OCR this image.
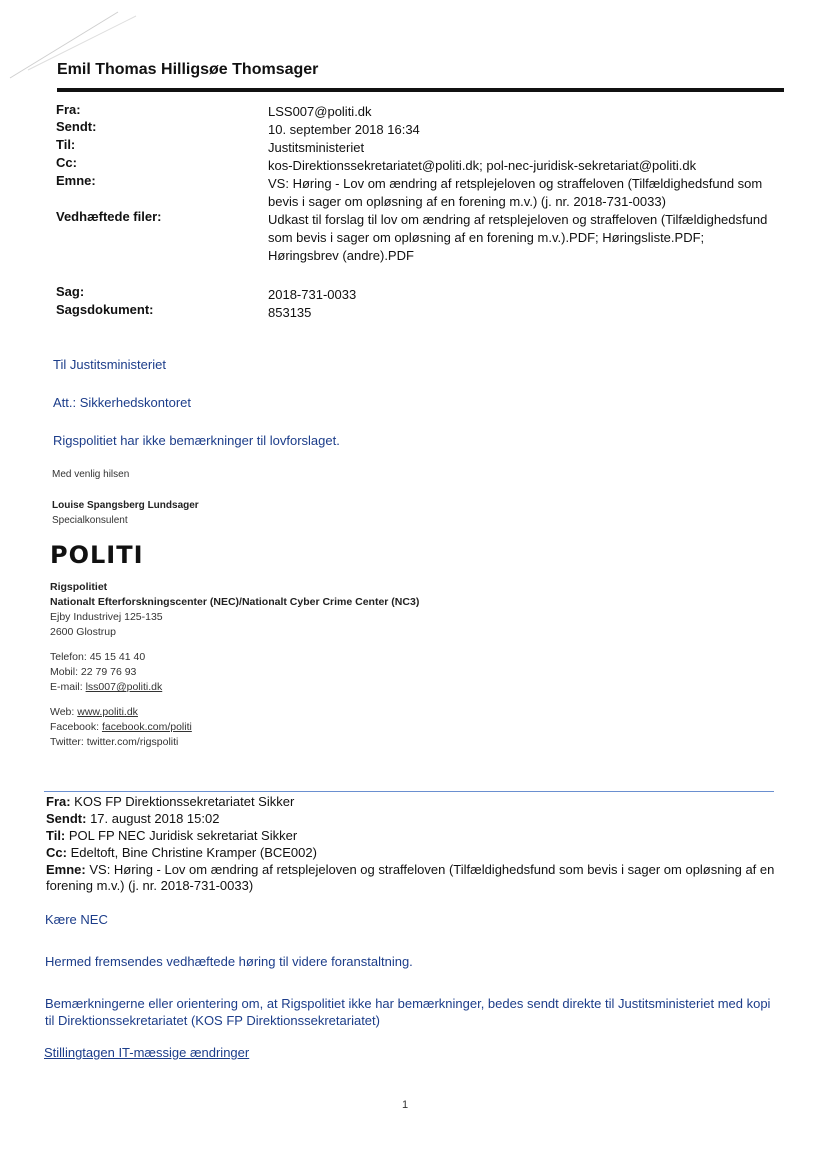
Emil Thomas Hilligsøe Thomsager
Fra:	LSS007@politi.dk
Sendt:	10. september 2018 16:34
Til:	Justitsministeriet
Cc:	kos-Direktionssekretariatet@politi.dk; pol-nec-juridisk-sekretariat@politi.dk
Emne:	VS: Høring - Lov om ændring af retsplejeloven og straffeloven (Tilfældighedsfund som bevis i sager om opløsning af en forening m.v.) (j. nr. 2018-731-0033)
Vedhæftede filer:	Udkast til forslag til lov om ændring af retsplejeloven og straffeloven (Tilfældighedsfund som bevis i sager om opløsning af en forening m.v.).PDF; Høringsliste.PDF; Høringsbrev (andre).PDF
Sag:	2018-731-0033
Sagsdokument:	853135
Til Justitsministeriet
Att.: Sikkerhedskontoret
Rigspolitiet har ikke bemærkninger til lovforslaget.
Med venlig hilsen
Louise Spangsberg Lundsager
Specialkonsulent
POLITI
Rigspolitiet
Nationalt Efterforskningscenter (NEC)/Nationalt Cyber Crime Center (NC3)
Ejby Industrivej 125-135
2600 Glostrup
Telefon: 45 15 41 40
Mobil: 22 79 76 93
E-mail: lss007@politi.dk
Web: www.politi.dk
Facebook: facebook.com/politi
Twitter: twitter.com/rigspoliti
Fra: KOS FP Direktionssekretariatet Sikker
Sendt: 17. august 2018 15:02
Til: POL FP NEC Juridisk sekretariat Sikker
Cc: Edeltoft, Bine Christine Kramper (BCE002)
Emne: VS: Høring - Lov om ændring af retsplejeloven og straffeloven (Tilfældighedsfund som bevis i sager om opløsning af en forening m.v.) (j. nr. 2018-731-0033)
Kære NEC
Hermed fremsendes vedhæftede høring til videre foranstaltning.
Bemærkningerne eller orientering om, at Rigspolitiet ikke har bemærkninger, bedes sendt direkte til Justitsministeriet med kopi til Direktionssekretariatet (KOS FP Direktionssekretariatet)
Stillingtagen IT-mæssige ændringer
1
